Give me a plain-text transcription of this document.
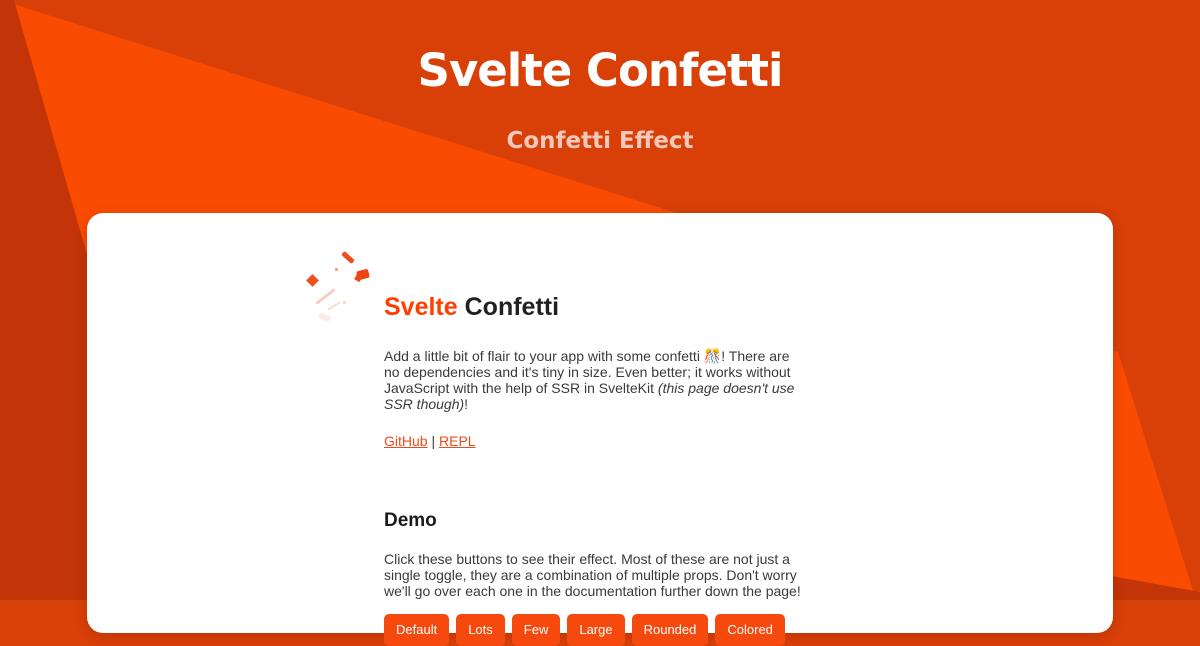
Svelte Confetti
Confetti Effect
Svelte Confetti

Add a little bit of flair to your app with some confetti 🎊! There are no dependencies and it's tiny in size. Even better; it works without JavaScript with the help of SSR in SvelteKit (this page doesn't use SSR though)!

GitHub | REPL

Demo

Click these buttons to see their effect. Most of these are not just a single toggle, they are a combination of multiple props. Don't worry we'll go over each one in the documentation further down the page!

Default	Lots	Few	Large	Rounded	Colored
